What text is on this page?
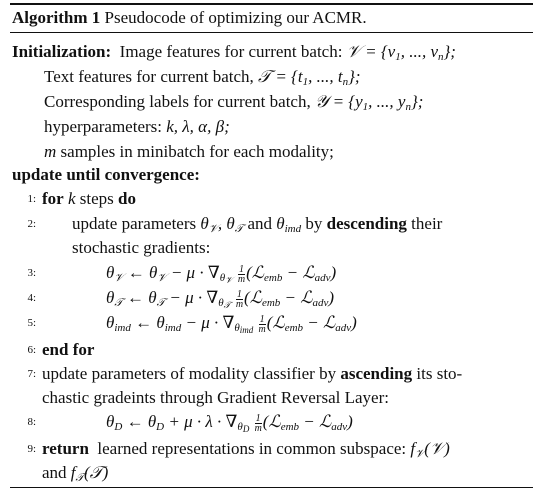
Algorithm 1 Pseudocode of optimizing our ACMR.
Initialization: Image features for current batch: 𝒱 = {$v_1$, ..., $v_n$};
Text features for current batch, 𝒯 = {$t_1$, ..., $t_n$};
Corresponding labels for current batch, 𝒴 = {$y_1$, ..., $y_n$};
hyperparameters: k, λ, α, β;
m samples in minibatch for each modality;
update until convergence:
1: for k steps do
2: update parameters $\theta_𝒱$, $\theta_𝒯$ and $\theta_{imd}$ by descending their
stochastic gradients:
3:	$\theta_𝒱$ ← $\theta_𝒱 - \mu \cdot \nabla_{\theta_𝒱} \frac{1}{m}$ (ℒ$_{emb}$ − ℒ$_{adv}$)
4:	$\theta_𝒯$ ← $\theta_𝒯 - \mu \cdot \nabla_{\theta_𝒯} \frac{1}{m}$ (ℒ$_{emb}$ − ℒ$_{adv}$)
5:	$\theta_{imd}$ ← $\theta_{imd} - \mu \cdot \nabla_{\theta_{imd}} \frac{1}{m}$ (ℒ$_{emb}$ − ℒ$_{adv}$)
6: end for
7: update parameters of modality classifier by ascending its sto-
chastic gradeints through Gradient Reversal Layer:
8:	$\theta_D$ ← $\theta_D + \mu \cdot \lambda \cdot \nabla_{\theta_D} \frac{1}{m}$ (ℒ$_{emb}$ − ℒ$_{adv}$)
9: return learned representations in common subspace: $f_𝒱(𝒱)$
and $f_𝒯(𝒯)$
